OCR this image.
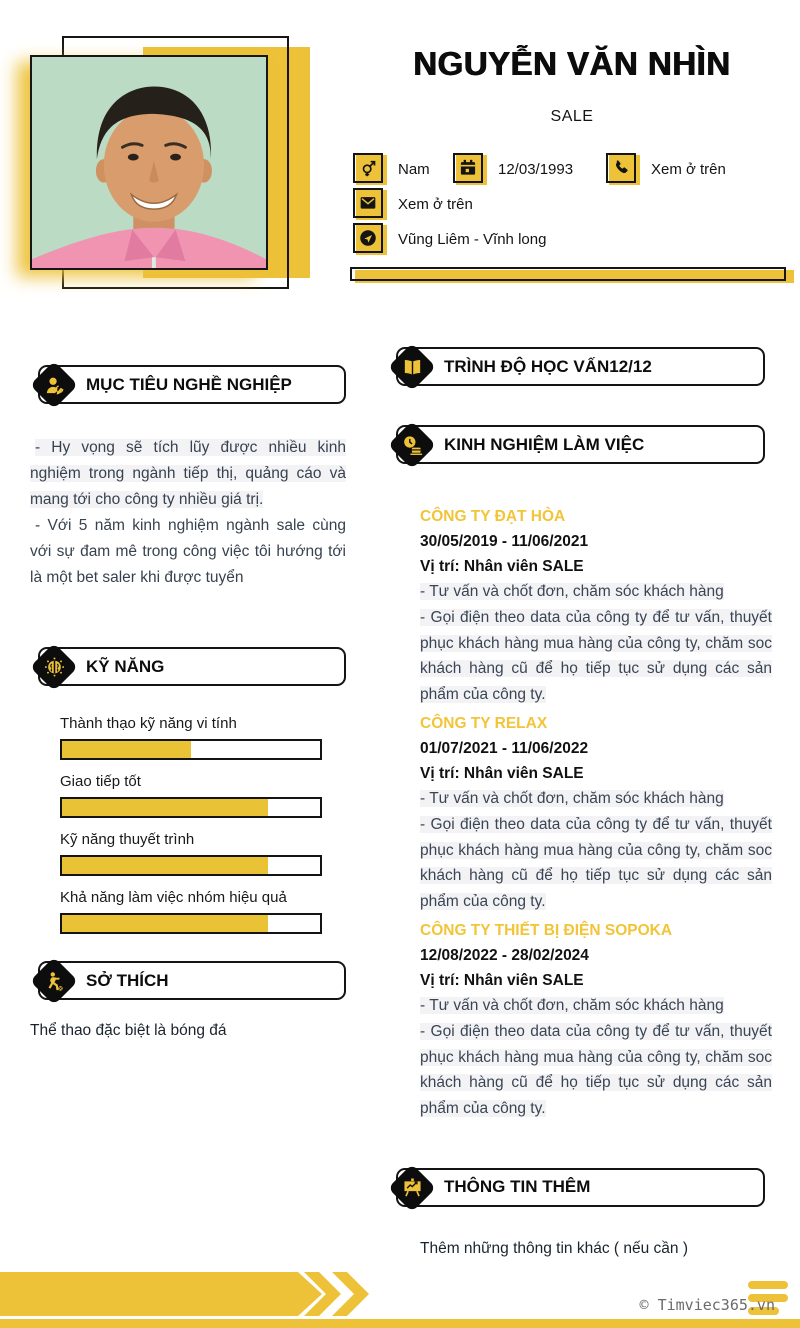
NGUYỄN VĂN NHÌN
SALE
Nam	12/03/1993	Xem ở trên
Xem ở trên
Vũng Liêm - Vĩnh long
MỤC TIÊU NGHỀ NGHIỆP

- Hy vọng sẽ tích lũy được nhiều kinh nghiệm trong ngành tiếp thị, quảng cáo và mang tới cho công ty nhiều giá trị.

- Với 5 năm kinh nghiệm ngành sale cùng với sự đam mê trong công việc tôi hướng tới là một bet saler khi được tuyển

KỸ NĂNG
Thành thạo kỹ năng vi tính
Giao tiếp tốt
Kỹ năng thuyết trình
Khả năng làm việc nhóm hiệu quả
SỞ THÍCH
Thể thao đặc biệt là bóng đá
TRÌNH ĐỘ HỌC VẤN12/12
KINH NGHIỆM LÀM VIỆC
CÔNG TY ĐẠT HÒA
30/05/2019 - 11/06/2021
Vị trí: Nhân viên SALE

- Tư vấn và chốt đơn, chăm sóc khách hàng

- Gọi điện theo data của công ty để tư vấn, thuyết phục khách hàng mua hàng của công ty, chăm soc khách hàng cũ để họ tiếp tục sử dụng các sản phẩm của công ty.

CÔNG TY RELAX
01/07/2021 - 11/06/2022
Vị trí: Nhân viên SALE

- Tư vấn và chốt đơn, chăm sóc khách hàng

- Gọi điện theo data của công ty để tư vấn, thuyết phục khách hàng mua hàng của công ty, chăm soc khách hàng cũ để họ tiếp tục sử dụng các sản phẩm của công ty.

CÔNG TY THIẾT BỊ ĐIỆN SOPOKA
12/08/2022 - 28/02/2024
Vị trí: Nhân viên SALE

- Tư vấn và chốt đơn, chăm sóc khách hàng

- Gọi điện theo data của công ty để tư vấn, thuyết phục khách hàng mua hàng của công ty, chăm soc khách hàng cũ để họ tiếp tục sử dụng các sản phẩm của công ty.

THÔNG TIN THÊM
Thêm những thông tin khác ( nếu cần )
© Timviec365.vn
